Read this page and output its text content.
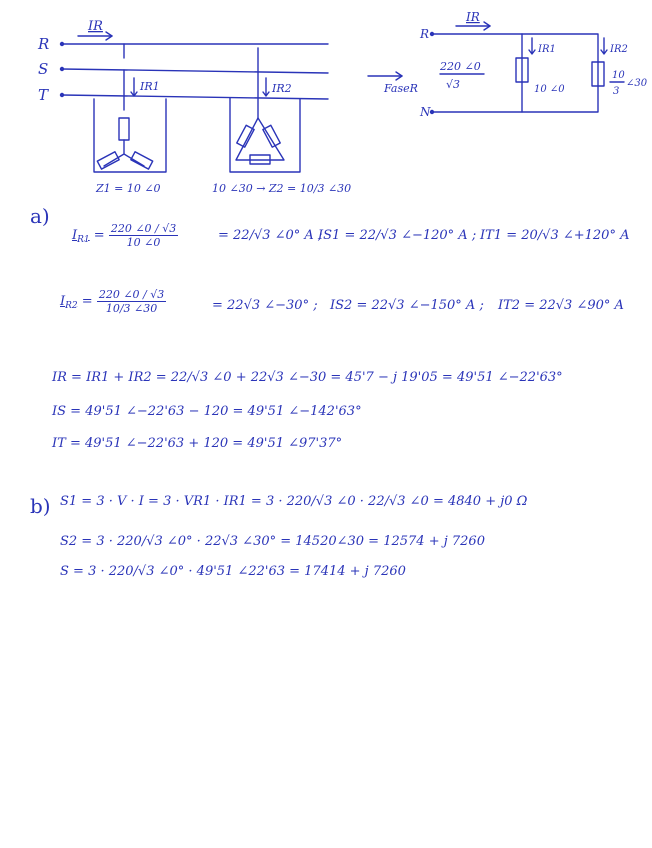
R
S
T
IR
IR1
Z1 = 10 ∠0
IR2
10 ∠30 → Z2 = 10/3 ∠30
FaseR
R
N
IR
IR1	IR2
220 ∠0
√3	10 ∠0
10
3
∠30
a)
$I_{R1} = \frac{220 \angle 0 / √3}{10 \angle 0}$	= 22/√3 ∠0° A ;
IS1 = 22/√3 ∠−120° A ; IT1 = 20/√3 ∠+120° A
$I_{R2} = \frac{220 \angle 0 / √3}{10/3 \angle 30}$	= 22√3 ∠−30° ; IS2 = 22√3 ∠−150° A ; IT2 = 22√3 ∠90° A
IR = IR1 + IR2 = 22/√3 ∠0 + 22√3 ∠−30 = 45'7 − j 19'05 = 49'51 ∠−22'63°
IS = 49'51 ∠−22'63 − 120 = 49'51 ∠−142'63°
IT = 49'51 ∠−22'63 + 120 = 49'51 ∠97'37°
b) S1 = 3 · V · I = 3 · VR1 · IR1 = 3 · 220/√3 ∠0 · 22/√3 ∠0 = 4840 + j0 Ω
S2 = 3 · 220/√3 ∠0° · 22√3 ∠30° = 14520∠30 = 12574 + j 7260
S = 3 · 220/√3 ∠0° · 49'51 ∠22'63 = 17414 + j 7260
